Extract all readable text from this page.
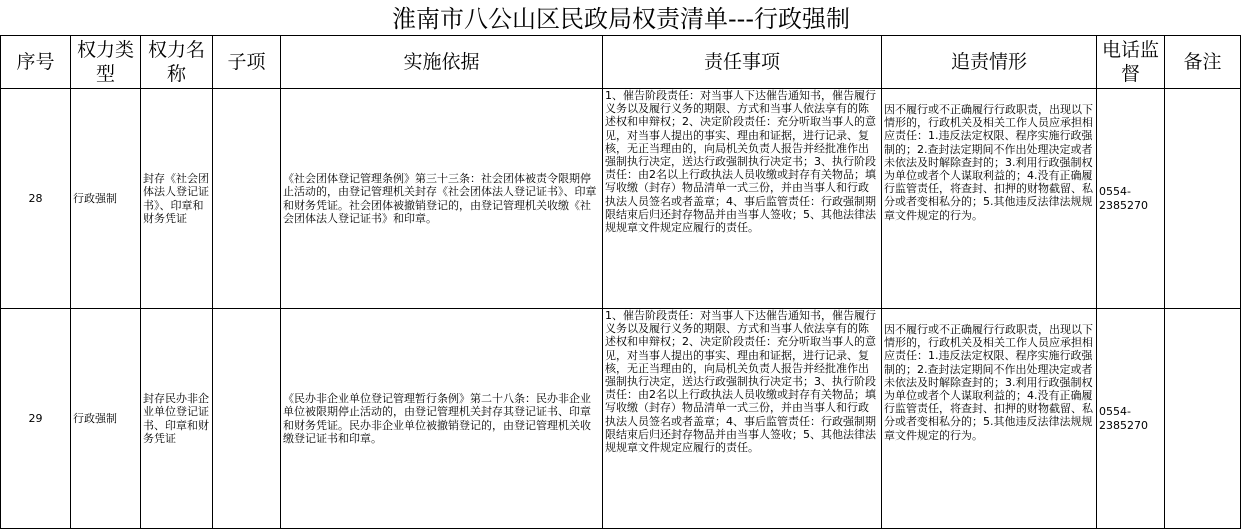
淮南市八公山区民政局权责清单---行政强制
序号	权力类型	权力名称	子项	实施依据	责任事项	追责情形	电话监督	备注
28	行政强制	封存《社会团体法人登记证书》、印章和财务凭证		《社会团体登记管理条例》第三十三条：社会团体被责令限期停止活动的，由登记管理机关封存《社会团体法人登记证书》、印章和财务凭证。社会团体被撤销登记的，由登记管理机关收缴《社会团体法人登记证书》和印章。	1、催告阶段责任：对当事人下达催告通知书，催告履行义务以及履行义务的期限、方式和当事人依法享有的陈述权和申辩权；2、决定阶段责任：充分听取当事人的意见，对当事人提出的事实、理由和证据，进行记录、复核，无正当理由的，向局机关负责人报告并经批准作出强制执行决定，送达行政强制执行决定书；3、执行阶段责任：由2名以上行政执法人员收缴或封存有关物品；填写收缴（封存）物品清单一式三份，并由当事人和行政执法人员签名或者盖章；4、事后监管责任：行政强制期限结束后归还封存物品并由当事人签收；5、其他法律法规规章文件规定应履行的责任。	因不履行或不正确履行行政职责，出现以下情形的，行政机关及相关工作人员应承担相应责任：1.违反法定权限、程序实施行政强制的；2.查封法定期间不作出处理决定或者未依法及时解除查封的；3.利用行政强制权为单位或者个人谋取利益的；4.没有正确履行监管责任，将查封、扣押的财物截留、私分或者变相私分的；5.其他违反法律法规规章文件规定的行为。	0554-2385270	
29	行政强制	封存民办非企业单位登记证书、印章和财务凭证		《民办非企业单位登记管理暂行条例》第二十八条：民办非企业单位被限期停止活动的，由登记管理机关封存其登记证书、印章和财务凭证。民办非企业单位被撤销登记的，由登记管理机关收缴登记证书和印章。	1、催告阶段责任：对当事人下达催告通知书，催告履行义务以及履行义务的期限、方式和当事人依法享有的陈述权和申辩权；2、决定阶段责任：充分听取当事人的意见，对当事人提出的事实、理由和证据，进行记录、复核，无正当理由的，向局机关负责人报告并经批准作出强制执行决定，送达行政强制执行决定书；3、执行阶段责任：由2名以上行政执法人员收缴或封存有关物品；填写收缴（封存）物品清单一式三份，并由当事人和行政执法人员签名或者盖章；4、事后监管责任：行政强制期限结束后归还封存物品并由当事人签收；5、其他法律法规规章文件规定应履行的责任。	因不履行或不正确履行行政职责，出现以下情形的，行政机关及相关工作人员应承担相应责任：1.违反法定权限、程序实施行政强制的；2.查封法定期间不作出处理决定或者未依法及时解除查封的；3.利用行政强制权为单位或者个人谋取利益的；4.没有正确履行监管责任，将查封、扣押的财物截留、私分或者变相私分的；5.其他违反法律法规规章文件规定的行为。	0554-2385270	
